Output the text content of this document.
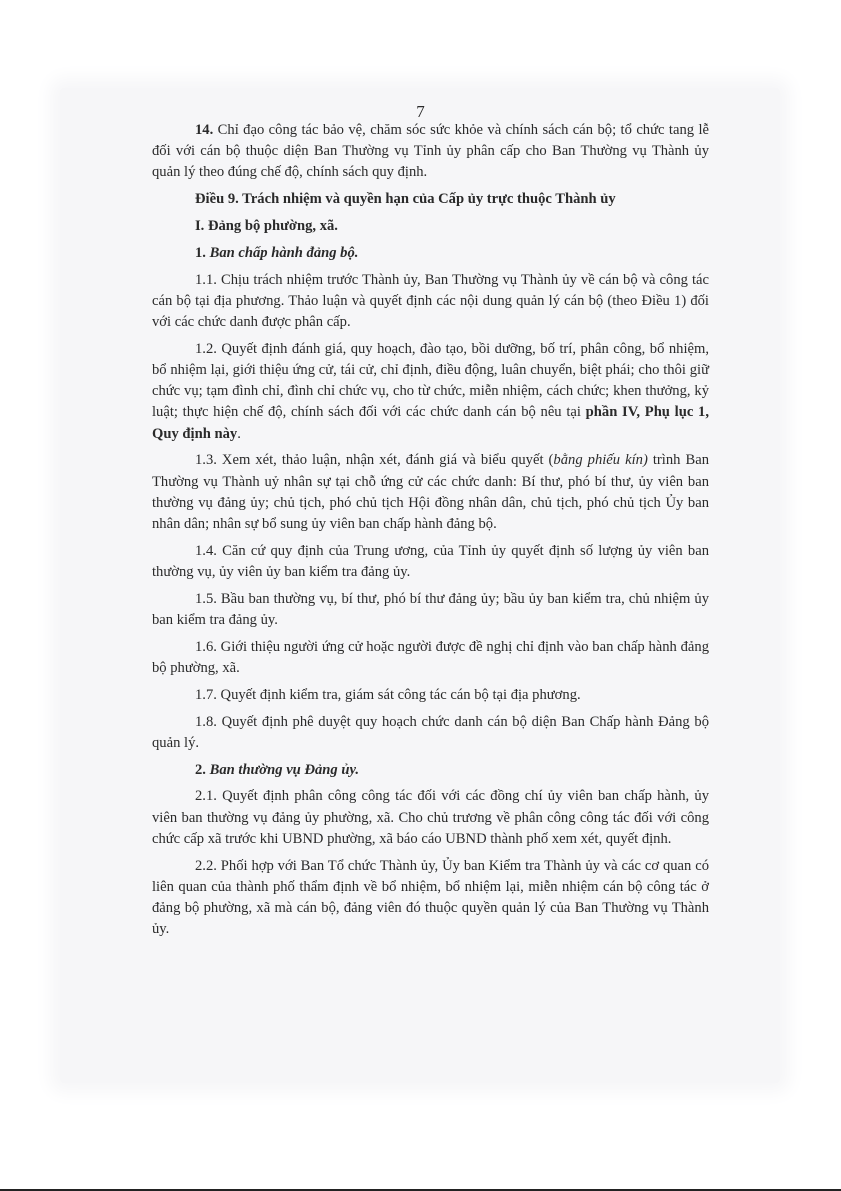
7

14. Chỉ đạo công tác bảo vệ, chăm sóc sức khỏe và chính sách cán bộ; tổ chức tang lễ đối với cán bộ thuộc diện Ban Thường vụ Tỉnh ủy phân cấp cho Ban Thường vụ Thành ủy quản lý theo đúng chế độ, chính sách quy định.

Điều 9. Trách nhiệm và quyền hạn của Cấp ủy trực thuộc Thành ủy

I. Đảng bộ phường, xã.

1. Ban chấp hành đảng bộ.

1.1. Chịu trách nhiệm trước Thành ủy, Ban Thường vụ Thành ủy về cán bộ và công tác cán bộ tại địa phương. Thảo luận và quyết định các nội dung quản lý cán bộ (theo Điều 1) đối với các chức danh được phân cấp.

1.2. Quyết định đánh giá, quy hoạch, đào tạo, bồi dưỡng, bố trí, phân công, bổ nhiệm, bổ nhiệm lại, giới thiệu ứng cử, tái cử, chỉ định, điều động, luân chuyển, biệt phái; cho thôi giữ chức vụ; tạm đình chỉ, đình chỉ chức vụ, cho từ chức, miễn nhiệm, cách chức; khen thưởng, kỷ luật; thực hiện chế độ, chính sách đối với các chức danh cán bộ nêu tại phần IV, Phụ lục 1, Quy định này.

1.3. Xem xét, thảo luận, nhận xét, đánh giá và biểu quyết (bằng phiếu kín) trình Ban Thường vụ Thành uỷ nhân sự tại chỗ ứng cử các chức danh: Bí thư, phó bí thư, ủy viên ban thường vụ đảng ủy; chủ tịch, phó chủ tịch Hội đồng nhân dân, chủ tịch, phó chủ tịch Ủy ban nhân dân; nhân sự bổ sung ủy viên ban chấp hành đảng bộ.

1.4. Căn cứ quy định của Trung ương, của Tỉnh ủy quyết định số lượng ủy viên ban thường vụ, ủy viên ủy ban kiểm tra đảng ủy.

1.5. Bầu ban thường vụ, bí thư, phó bí thư đảng ủy; bầu ủy ban kiểm tra, chủ nhiệm ủy ban kiểm tra đảng ủy.

1.6. Giới thiệu người ứng cử hoặc người được đề nghị chỉ định vào ban chấp hành đảng bộ phường, xã.

1.7. Quyết định kiểm tra, giám sát công tác cán bộ tại địa phương.

1.8. Quyết định phê duyệt quy hoạch chức danh cán bộ diện Ban Chấp hành Đảng bộ quản lý.

2. Ban thường vụ Đảng ủy.

2.1. Quyết định phân công công tác đối với các đồng chí ủy viên ban chấp hành, ủy viên ban thường vụ đảng ủy phường, xã. Cho chủ trương về phân công công tác đối với công chức cấp xã trước khi UBND phường, xã báo cáo UBND thành phố xem xét, quyết định.

2.2. Phối hợp với Ban Tổ chức Thành ủy, Ủy ban Kiểm tra Thành ủy và các cơ quan có liên quan của thành phố thẩm định về bổ nhiệm, bổ nhiệm lại, miễn nhiệm cán bộ công tác ở đảng bộ phường, xã mà cán bộ, đảng viên đó thuộc quyền quản lý của Ban Thường vụ Thành ủy.
